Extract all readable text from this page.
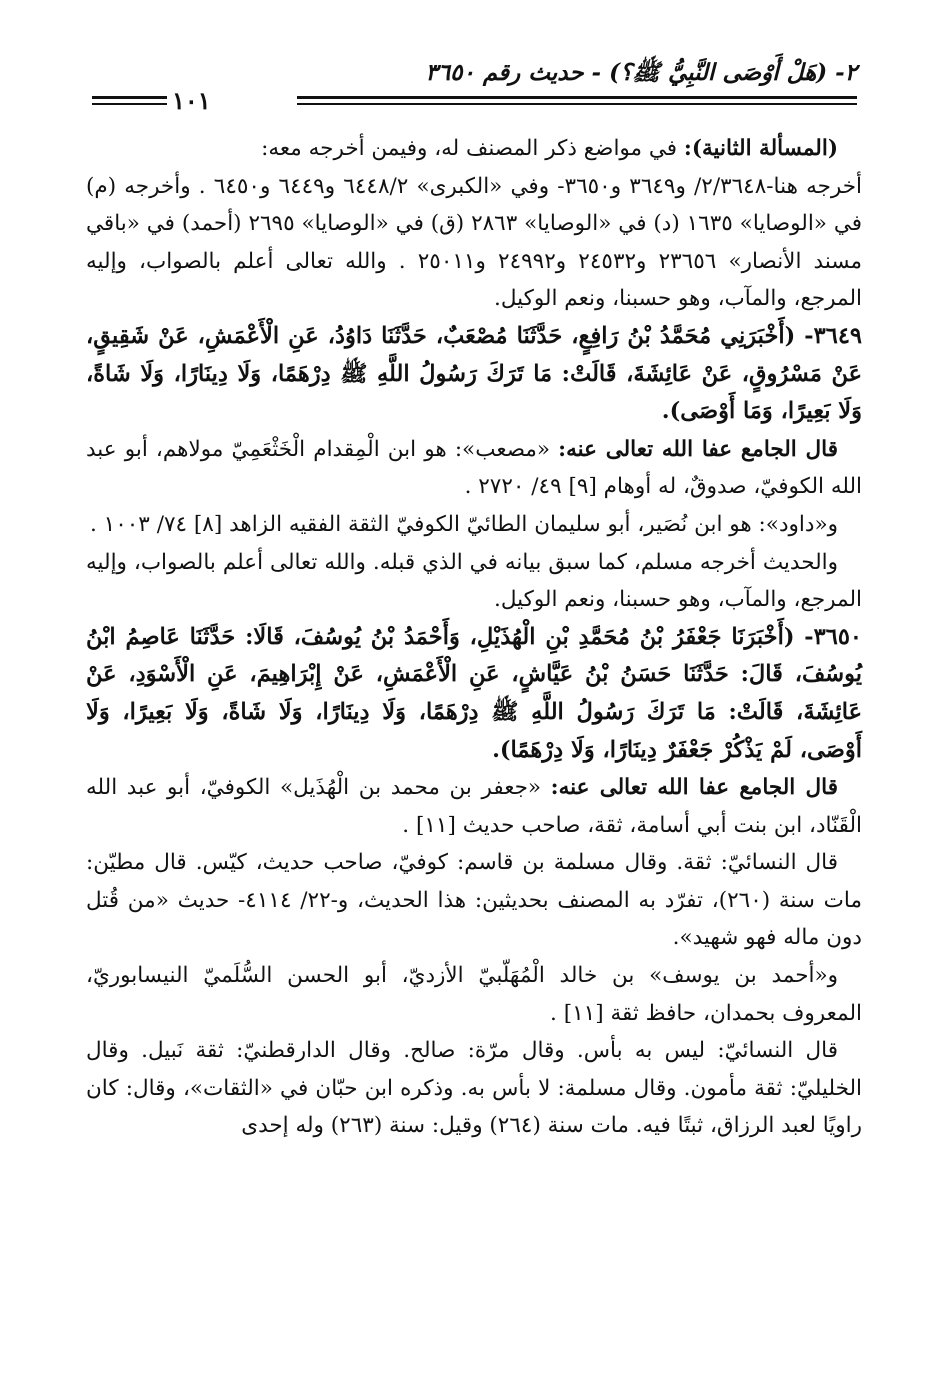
٢- (هَلْ أَوْصَى النَّبِيُّ ﷺ؟) - حديث رقم ٣٦٥٠
١٠١

(المسألة الثانية): في مواضع ذكر المصنف له، وفيمن أخرجه معه:

أخرجه هنا-٢/٣٦٤٨/ و٣٦٤٩ و٣٦٥٠- وفي «الكبرى» ٦٤٤٨/٢ و٦٤٤٩ و٦٤٥٠ . وأخرجه (م) في «الوصايا» ١٦٣٥ (د) في «الوصايا» ٢٨٦٣ (ق) في «الوصايا» ٢٦٩٥ (أحمد) في «باقي مسند الأنصار» ٢٣٦٥٦ و٢٤٥٣٢ و٢٤٩٩٢ و٢٥٠١١ . والله تعالى أعلم بالصواب، وإليه المرجع، والمآب، وهو حسبنا، ونعم الوكيل.

٣٦٤٩- (أَخْبَرَنِي مُحَمَّدُ بْنُ رَافِعٍ، حَدَّثَنَا مُصْعَبٌ، حَدَّثَنَا دَاوُدُ، عَنِ الْأَعْمَشِ، عَنْ شَقِيقٍ، عَنْ مَسْرُوقٍ، عَنْ عَائِشَةَ، قَالَتْ: مَا تَرَكَ رَسُولُ اللَّهِ ﷺ دِرْهَمًا، وَلَا دِينَارًا، وَلَا شَاةً، وَلَا بَعِيرًا، وَمَا أَوْصَى).

قال الجامع عفا الله تعالى عنه: «مصعب»: هو ابن الْمِقدام الْخَثْعَمِيّ مولاهم، أبو عبد الله الكوفيّ، صدوقٌ، له أوهام [٩] ٤٩/ ٢٧٢٠ .

و«داود»: هو ابن نُصَير، أبو سليمان الطائيّ الكوفيّ الثقة الفقيه الزاهد [٨] ٧٤/ ١٠٠٣ .

والحديث أخرجه مسلم، كما سبق بيانه في الذي قبله. والله تعالى أعلم بالصواب، وإليه المرجع، والمآب، وهو حسبنا، ونعم الوكيل.

٣٦٥٠- (أَخْبَرَنَا جَعْفَرُ بْنُ مُحَمَّدِ بْنِ الْهُذَيْلِ، وَأَحْمَدُ بْنُ يُوسُفَ، قَالَا: حَدَّثَنَا عَاصِمُ ابْنُ يُوسُفَ، قَالَ: حَدَّثَنَا حَسَنُ بْنُ عَيَّاشٍ، عَنِ الْأَعْمَشِ، عَنْ إِبْرَاهِيمَ، عَنِ الْأَسْوَدِ، عَنْ عَائِشَةَ، قَالَتْ: مَا تَرَكَ رَسُولُ اللَّهِ ﷺ دِرْهَمًا، وَلَا دِينَارًا، وَلَا شَاةً، وَلَا بَعِيرًا، وَلَا أَوْصَى، لَمْ يَذْكُرْ جَعْفَرٌ دِينَارًا، وَلَا دِرْهَمًا).

قال الجامع عفا الله تعالى عنه: «جعفر بن محمد بن الْهُذَيل» الكوفيّ، أبو عبد الله الْقَنّاد، ابن بنت أبي أسامة، ثقة، صاحب حديث [١١] .

قال النسائيّ: ثقة. وقال مسلمة بن قاسم: كوفيّ، صاحب حديث، كيّس. قال مطيّن: مات سنة (٢٦٠)، تفرّد به المصنف بحديثين: هذا الحديث، و-٢٢/ ٤١١٤- حديث «من قُتل دون ماله فهو شهيد».

و«أحمد بن يوسف» بن خالد الْمُهَلّبيّ الأزديّ، أبو الحسن السُّلَميّ النيسابوريّ، المعروف بحمدان، حافظ ثقة [١١] .

قال النسائيّ: ليس به بأس. وقال مرّة: صالح. وقال الدارقطنيّ: ثقة نَبيل. وقال الخليليّ: ثقة مأمون. وقال مسلمة: لا بأس به. وذكره ابن حبّان في «الثقات»، وقال: كان راويًا لعبد الرزاق، ثبتًا فيه. مات سنة (٢٦٤) وقيل: سنة (٢٦٣) وله إحدى
